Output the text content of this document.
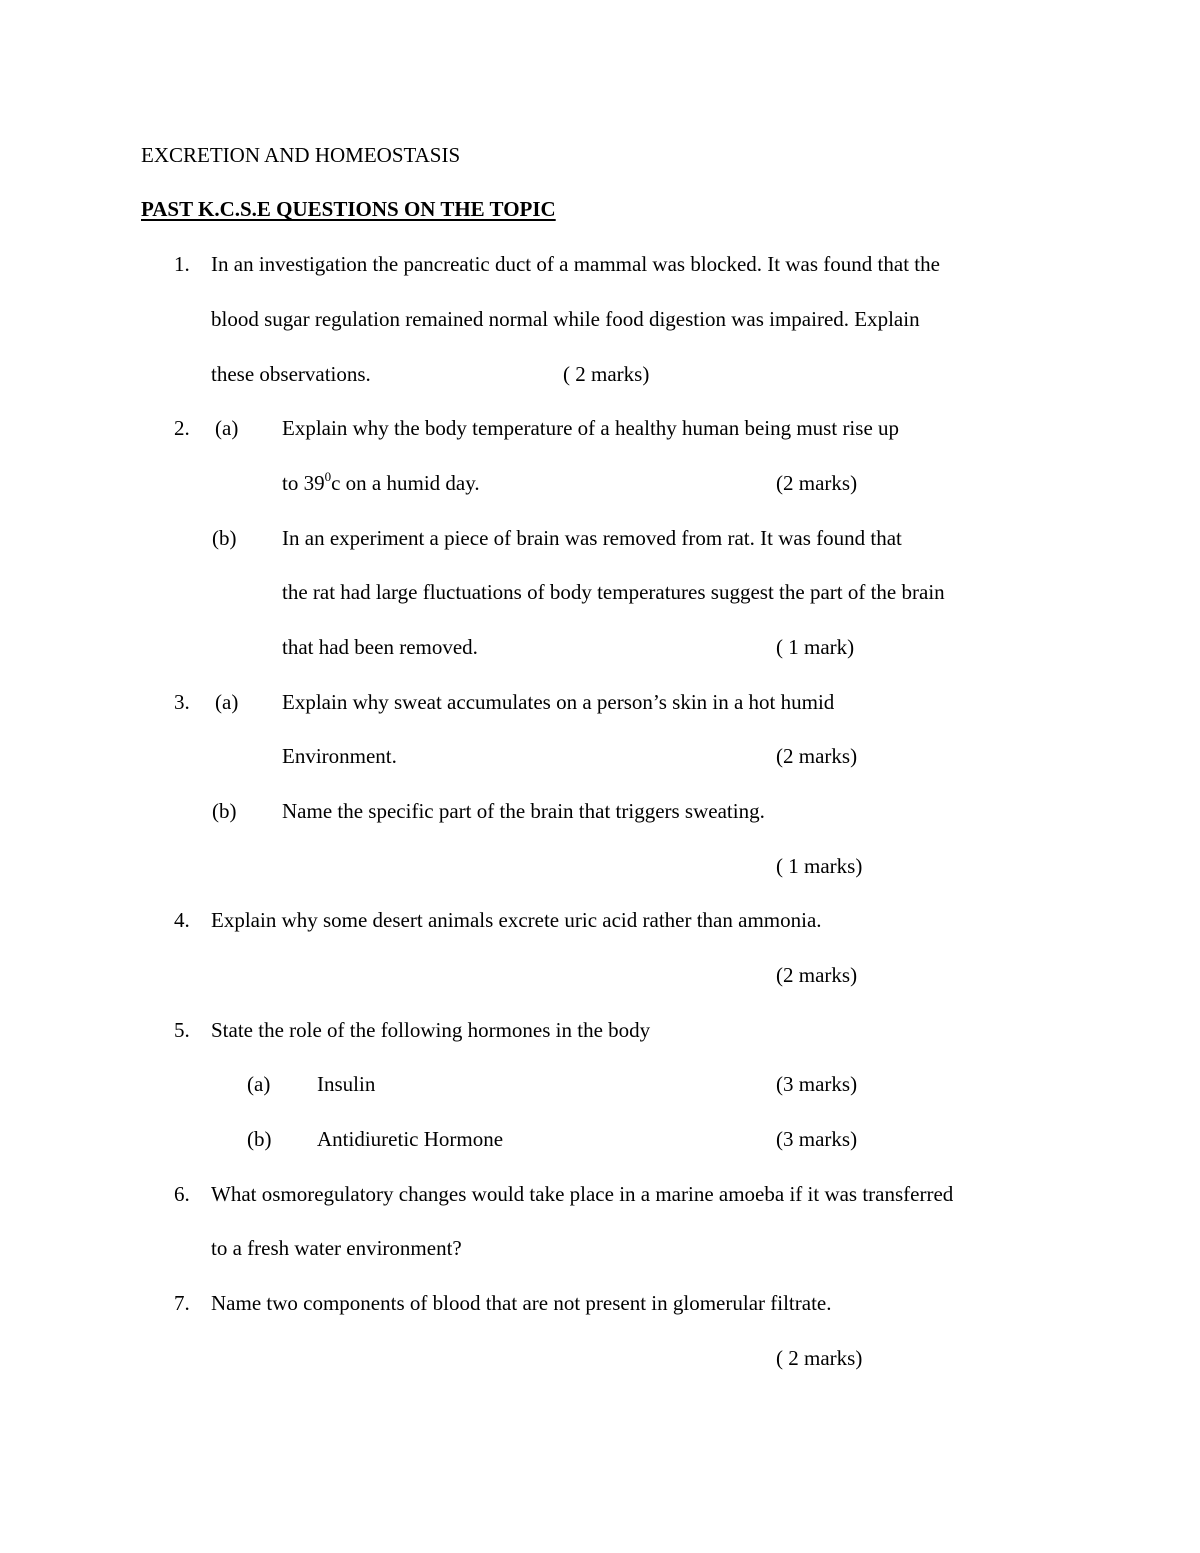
EXCRETION AND HOMEOSTASIS
PAST K.C.S.E QUESTIONS ON THE TOPIC
1. In an investigation the pancreatic duct of a mammal was blocked. It was found that the
blood sugar regulation remained normal while food digestion was impaired. Explain
these observations.	( 2 marks)
2. (a) Explain why the body temperature of a healthy human being must rise up
to $39^0c$ on a humid day.	(2 marks)
(b) In an experiment a piece of brain was removed from rat. It was found that
the rat had large fluctuations of body temperatures suggest the part of the brain
that had been removed.	( 1 mark)
3. (a) Explain why sweat accumulates on a person’s skin in a hot humid
Environment.	(2 marks)
(b) Name the specific part of the brain that triggers sweating.
( 1 marks)
4. Explain why some desert animals excrete uric acid rather than ammonia.
(2 marks)
5. State the role of the following hormones in the body
(a) Insulin	(3 marks)
(b) Antidiuretic Hormone	(3 marks)
6. What osmoregulatory changes would take place in a marine amoeba if it was transferred
to a fresh water environment?
7. Name two components of blood that are not present in glomerular filtrate.
( 2 marks)
